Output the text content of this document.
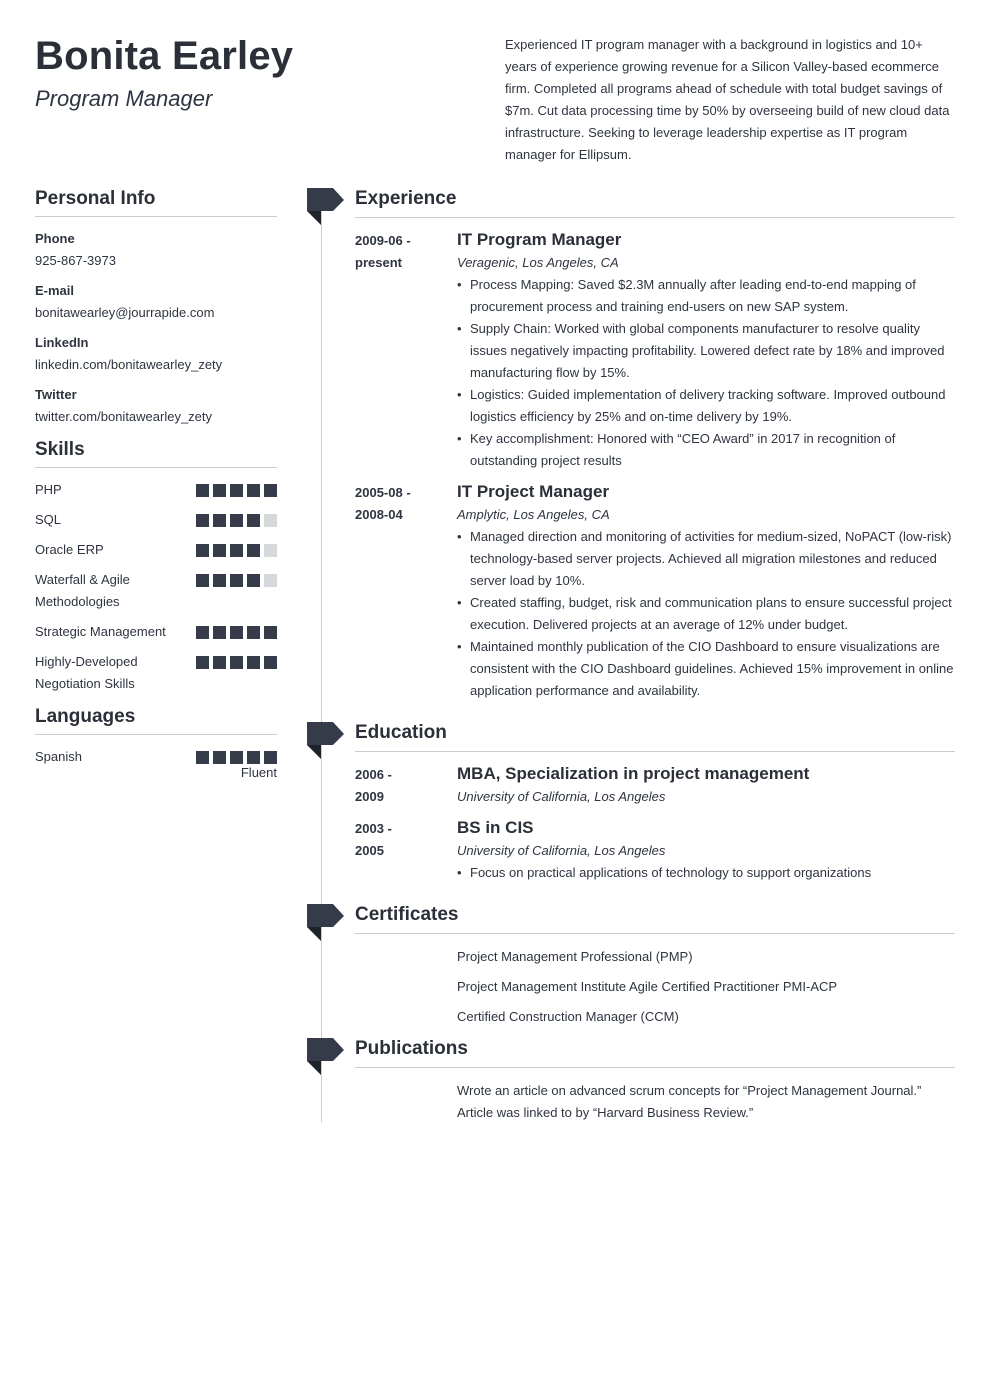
Bonita Earley
Program Manager
Experienced IT program manager with a background in logistics and 10+ years of experience growing revenue for a Silicon Valley-based ecommerce firm. Completed all programs ahead of schedule with total budget savings of $7m. Cut data processing time by 50% by overseeing build of new cloud data infrastructure. Seeking to leverage leadership expertise as IT program manager for Ellipsum.
Personal Info
Phone
925-867-3973
E-mail
bonitawearley@jourrapide.com
LinkedIn
linkedin.com/bonitawearley_zety
Twitter
twitter.com/bonitawearley_zety
Skills
PHP
SQL
Oracle ERP
Waterfall & Agile Methodologies
Strategic Management
Highly-Developed Negotiation Skills
Languages
Spanish
Fluent
Experience
2009-06 -
present
IT Program Manager
Veragenic, Los Angeles, CA
• Process Mapping: Saved $2.3M annually after leading end-to-end mapping of procurement process and training end-users on new SAP system.
• Supply Chain: Worked with global components manufacturer to resolve quality issues negatively impacting profitability. Lowered defect rate by 18% and improved manufacturing flow by 15%.
• Logistics: Guided implementation of delivery tracking software. Improved outbound logistics efficiency by 25% and on-time delivery by 19%.
• Key accomplishment: Honored with “CEO Award” in 2017 in recognition of outstanding project results
2005-08 -
2008-04
IT Project Manager
Amplytic, Los Angeles, CA
• Managed direction and monitoring of activities for medium-sized, NoPACT (low-risk) technology-based server projects. Achieved all migration milestones and reduced server load by 10%.
• Created staffing, budget, risk and communication plans to ensure successful project execution. Delivered projects at an average of 12% under budget.
• Maintained monthly publication of the CIO Dashboard to ensure visualizations are consistent with the CIO Dashboard guidelines. Achieved 15% improvement in online application performance and availability.
Education
2006 -
2009
MBA, Specialization in project management
University of California, Los Angeles
2003 -
2005
BS in CIS
University of California, Los Angeles
• Focus on practical applications of technology to support organizations
Certificates
Project Management Professional (PMP)
Project Management Institute Agile Certified Practitioner PMI-ACP
Certified Construction Manager (CCM)
Publications
Wrote an article on advanced scrum concepts for “Project Management Journal.” Article was linked to by “Harvard Business Review.”
